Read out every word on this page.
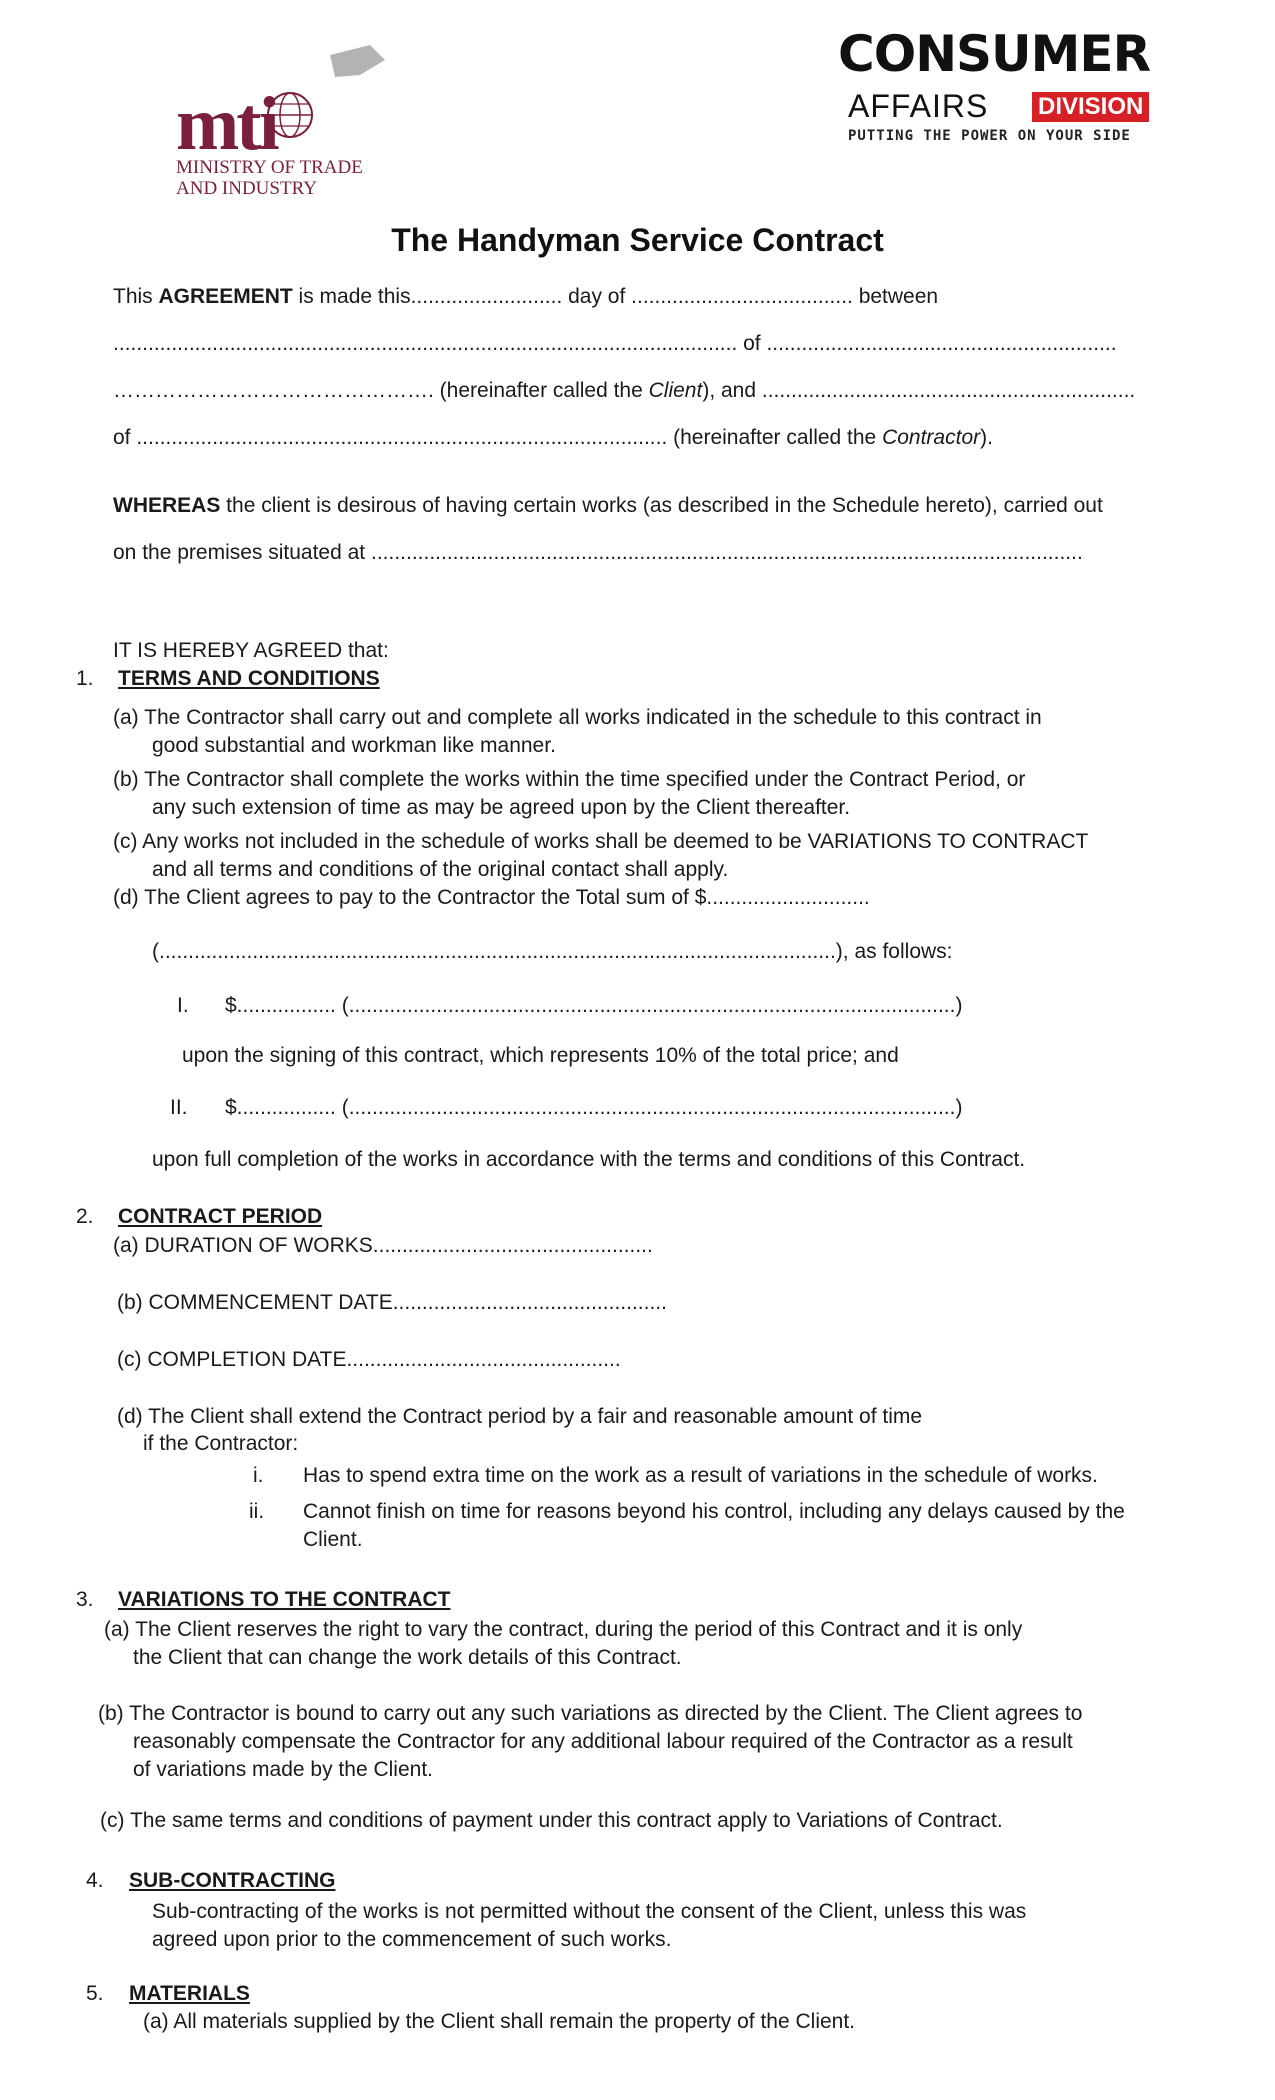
mti
MINISTRY OF TRADE
AND INDUSTRY
CONSUMER
AFFAIRS DIVISION
PUTTING THE POWER ON YOUR SIDE
The Handyman Service Contract
This AGREEMENT is made this.......................... day of ...................................... between
........................................................................................................... of ............................................................
………………………………………. (hereinafter called the Client), and ................................................................
of ........................................................................................... (hereinafter called the Contractor).
WHEREAS the client is desirous of having certain works (as described in the Schedule hereto), carried out
on the premises situated at ..........................................................................................................................
IT IS HEREBY AGREED that:
1. TERMS AND CONDITIONS
(a) The Contractor shall carry out and complete all works indicated in the schedule to this contract in
good substantial and workman like manner.
(b) The Contractor shall complete the works within the time specified under the Contract Period, or
any such extension of time as may be agreed upon by the Client thereafter.
(c) Any works not included in the schedule of works shall be deemed to be VARIATIONS TO CONTRACT
and all terms and conditions of the original contact shall apply.
(d) The Client agrees to pay to the Contractor the Total sum of $............................
(....................................................................................................................), as follows:
I. $................. (........................................................................................................)
upon the signing of this contract, which represents 10% of the total price; and
II. $................. (........................................................................................................)
upon full completion of the works in accordance with the terms and conditions of this Contract.
2. CONTRACT PERIOD
(a) DURATION OF WORKS................................................
(b) COMMENCEMENT DATE...............................................
(c) COMPLETION DATE...............................................
(d) The Client shall extend the Contract period by a fair and reasonable amount of time
if the Contractor:
i. Has to spend extra time on the work as a result of variations in the schedule of works.
ii. Cannot finish on time for reasons beyond his control, including any delays caused by the
Client.
3. VARIATIONS TO THE CONTRACT
(a) The Client reserves the right to vary the contract, during the period of this Contract and it is only
the Client that can change the work details of this Contract.
(b) The Contractor is bound to carry out any such variations as directed by the Client. The Client agrees to
reasonably compensate the Contractor for any additional labour required of the Contractor as a result
of variations made by the Client.
(c) The same terms and conditions of payment under this contract apply to Variations of Contract.
4. SUB-CONTRACTING
Sub-contracting of the works is not permitted without the consent of the Client, unless this was
agreed upon prior to the commencement of such works.
5. MATERIALS
(a) All materials supplied by the Client shall remain the property of the Client.
